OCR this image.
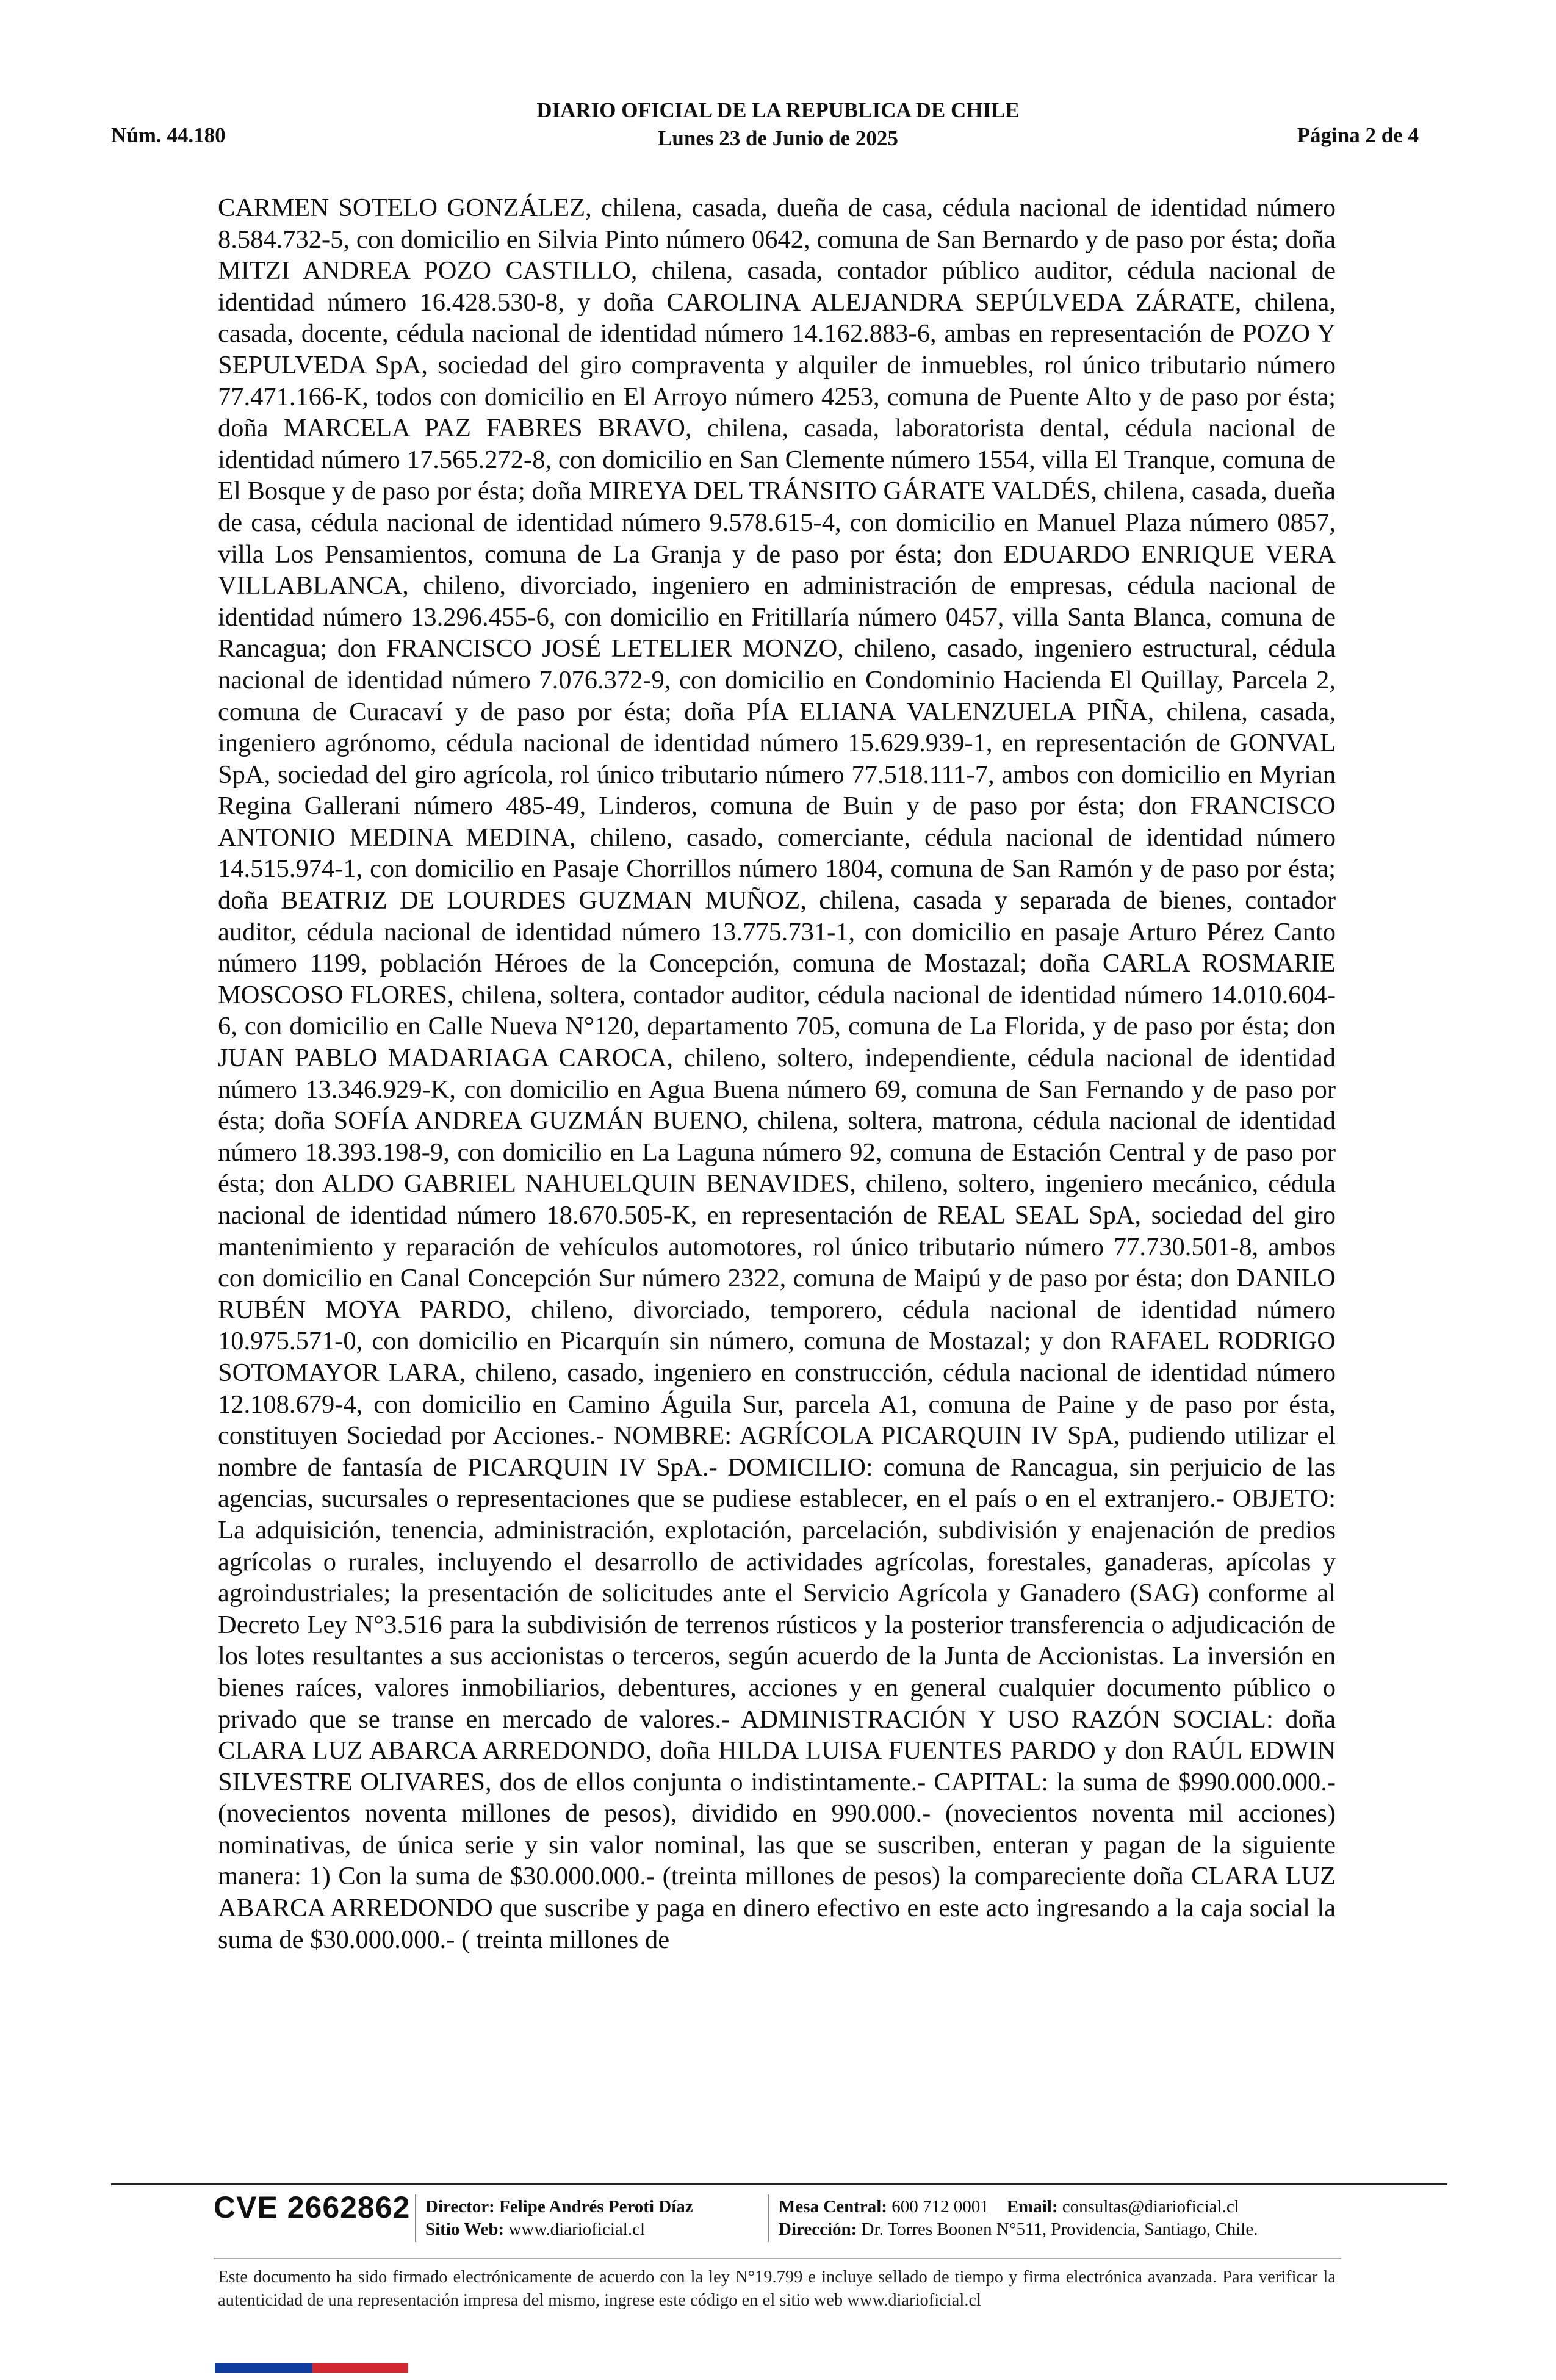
DIARIO OFICIAL DE LA REPUBLICA DE CHILE
Lunes 23 de Junio de 2025
Núm. 44.180	Página 2 de 4
CARMEN SOTELO GONZÁLEZ, chilena, casada, dueña de casa, cédula nacional de identidad número 8.584.732-5, con domicilio en Silvia Pinto número 0642, comuna de San Bernardo y de paso por ésta; doña MITZI ANDREA POZO CASTILLO, chilena, casada, contador público auditor, cédula nacional de identidad número 16.428.530-8, y doña CAROLINA ALEJANDRA SEPÚLVEDA ZÁRATE, chilena, casada, docente, cédula nacional de identidad número 14.162.883-6, ambas en representación de POZO Y SEPULVEDA SpA, sociedad del giro compraventa y alquiler de inmuebles, rol único tributario número 77.471.166-K, todos con domicilio en El Arroyo número 4253, comuna de Puente Alto y de paso por ésta; doña MARCELA PAZ FABRES BRAVO, chilena, casada, laboratorista dental, cédula nacional de identidad número 17.565.272-8, con domicilio en San Clemente número 1554, villa El Tranque, comuna de El Bosque y de paso por ésta; doña MIREYA DEL TRÁNSITO GÁRATE VALDÉS, chilena, casada, dueña de casa, cédula nacional de identidad número 9.578.615-4, con domicilio en Manuel Plaza número 0857, villa Los Pensamientos, comuna de La Granja y de paso por ésta; don EDUARDO ENRIQUE VERA VILLABLANCA, chileno, divorciado, ingeniero en administración de empresas, cédula nacional de identidad número 13.296.455-6, con domicilio en Fritillaría número 0457, villa Santa Blanca, comuna de Rancagua; don FRANCISCO JOSÉ LETELIER MONZO, chileno, casado, ingeniero estructural, cédula nacional de identidad número 7.076.372-9, con domicilio en Condominio Hacienda El Quillay, Parcela 2, comuna de Curacaví y de paso por ésta; doña PÍA ELIANA VALENZUELA PIÑA, chilena, casada, ingeniero agrónomo, cédula nacional de identidad número 15.629.939-1, en representación de GONVAL SpA, sociedad del giro agrícola, rol único tributario número 77.518.111-7, ambos con domicilio en Myrian Regina Gallerani número 485-49, Linderos, comuna de Buin y de paso por ésta; don FRANCISCO ANTONIO MEDINA MEDINA, chileno, casado, comerciante, cédula nacional de identidad número 14.515.974-1, con domicilio en Pasaje Chorrillos número 1804, comuna de San Ramón y de paso por ésta; doña BEATRIZ DE LOURDES GUZMAN MUÑOZ, chilena, casada y separada de bienes, contador auditor, cédula nacional de identidad número 13.775.731-1, con domicilio en pasaje Arturo Pérez Canto número 1199, población Héroes de la Concepción, comuna de Mostazal; doña CARLA ROSMARIE MOSCOSO FLORES, chilena, soltera, contador auditor, cédula nacional de identidad número 14.010.604-6, con domicilio en Calle Nueva N°120, departamento 705, comuna de La Florida, y de paso por ésta; don JUAN PABLO MADARIAGA CAROCA, chileno, soltero, independiente, cédula nacional de identidad número 13.346.929-K, con domicilio en Agua Buena número 69, comuna de San Fernando y de paso por ésta; doña SOFÍA ANDREA GUZMÁN BUENO, chilena, soltera, matrona, cédula nacional de identidad número 18.393.198-9, con domicilio en La Laguna número 92, comuna de Estación Central y de paso por ésta; don ALDO GABRIEL NAHUELQUIN BENAVIDES, chileno, soltero, ingeniero mecánico, cédula nacional de identidad número 18.670.505-K, en representación de REAL SEAL SpA, sociedad del giro mantenimiento y reparación de vehículos automotores, rol único tributario número 77.730.501-8, ambos con domicilio en Canal Concepción Sur número 2322, comuna de Maipú y de paso por ésta; don DANILO RUBÉN MOYA PARDO, chileno, divorciado, temporero, cédula nacional de identidad número 10.975.571-0, con domicilio en Picarquín sin número, comuna de Mostazal; y don RAFAEL RODRIGO SOTOMAYOR LARA, chileno, casado, ingeniero en construcción, cédula nacional de identidad número 12.108.679-4, con domicilio en Camino Águila Sur, parcela A1, comuna de Paine y de paso por ésta, constituyen Sociedad por Acciones.- NOMBRE: AGRÍCOLA PICARQUIN IV SpA, pudiendo utilizar el nombre de fantasía de PICARQUIN IV SpA.- DOMICILIO: comuna de Rancagua, sin perjuicio de las agencias, sucursales o representaciones que se pudiese establecer, en el país o en el extranjero.- OBJETO: La adquisición, tenencia, administración, explotación, parcelación, subdivisión y enajenación de predios agrícolas o rurales, incluyendo el desarrollo de actividades agrícolas, forestales, ganaderas, apícolas y agroindustriales; la presentación de solicitudes ante el Servicio Agrícola y Ganadero (SAG) conforme al Decreto Ley N°3.516 para la subdivisión de terrenos rústicos y la posterior transferencia o adjudicación de los lotes resultantes a sus accionistas o terceros, según acuerdo de la Junta de Accionistas. La inversión en bienes raíces, valores inmobiliarios, debentures, acciones y en general cualquier documento público o privado que se transe en mercado de valores.- ADMINISTRACIÓN Y USO RAZÓN SOCIAL: doña CLARA LUZ ABARCA ARREDONDO, doña HILDA LUISA FUENTES PARDO y don RAÚL EDWIN SILVESTRE OLIVARES, dos de ellos conjunta o indistintamente.- CAPITAL: la suma de $990.000.000.- (novecientos noventa millones de pesos), dividido en 990.000.- (novecientos noventa mil acciones) nominativas, de única serie y sin valor nominal, las que se suscriben, enteran y pagan de la siguiente manera: 1) Con la suma de $30.000.000.- (treinta millones de pesos) la compareciente doña CLARA LUZ ABARCA ARREDONDO que suscribe y paga en dinero efectivo en este acto ingresando a la caja social la suma de $30.000.000.- ( treinta millones de
CVE 2662862 Director: Felipe Andrés Peroti Díaz
Sitio Web: www.diarioficial.cl
Mesa Central: 600 712 0001 Email: consultas@diarioficial.cl
Dirección: Dr. Torres Boonen N°511, Providencia, Santiago, Chile.
Este documento ha sido firmado electrónicamente de acuerdo con la ley N°19.799 e incluye sellado de tiempo y firma electrónica avanzada. Para verificar la autenticidad de una representación impresa del mismo, ingrese este código en el sitio web www.diarioficial.cl
